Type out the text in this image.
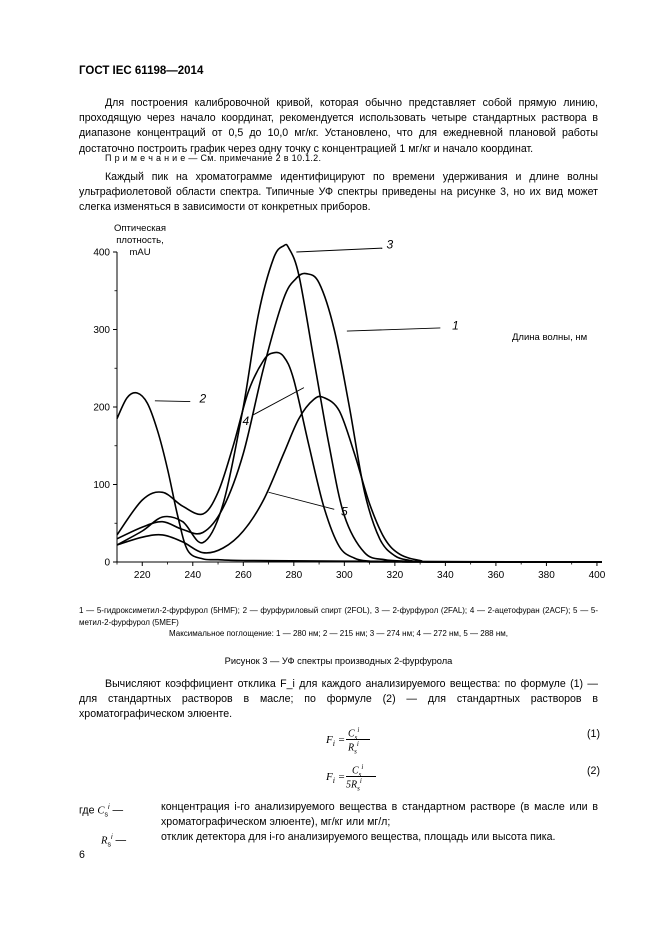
ГОСТ IEC 61198—2014
Для построения калибровочной кривой, которая обычно представляет собой прямую линию, проходящую через начало координат, рекомендуется использовать четыре стандартных раствора в диапазоне концентраций от 0,5 до 10,0 мг/кг. Установлено, что для ежедневной плановой работы достаточно построить график через одну точку с концентрацией 1 мг/кг и начало координат.
П р и м е ч а н и е — См. примечание 2 в 10.1.2.
Каждый пик на хроматограмме идентифицируют по времени удерживания и длине волны ультрафиолетовой области спектра. Типичные УФ спектры приведены на рисунке 3, но их вид может слегка изменяться в зависимости от конкретных приборов.
Оптическая плотность, mAU
Длина волны, нм
220	240	260	280	300	320	340	360	380	400
0
100
200
300
400
1
2
3
4
5
1 — 5-гидроксиметил-2-фурфурол (5HMF); 2 — фурфуриловый спирт (2FOL), 3 — 2-фурфурол (2FAL); 4 — 2-ацетофуран (2ACF); 5 — 5-метил-2-фурфурол (5MEF)
Максимальное поглощение: 1 — 280 нм; 2 — 215 нм; 3 — 274 нм; 4 — 272 нм, 5 — 288 нм,
Рисунок 3 — УФ спектры производных 2-фурфурола
Вычисляют коэффициент отклика F_i для каждого анализируемого вещества: по формуле (1) — для стандартных растворов в масле; по формуле (2) — для стандартных растворов в хроматографическом элюенте.
$F_i$ =
$C_s^i$
$R_s^i$
(1)
$F_i$ =
$C_s^i$
$5R_s^i$
(2)
где $C_s^i$ —	концентрация i-го анализируемого вещества в стандартном растворе (в масле или в хроматографическом элюенте), мг/кг или мг/л;
$R_s^i$ —	отклик детектора для i-го анализируемого вещества, площадь или высота пика.
6
